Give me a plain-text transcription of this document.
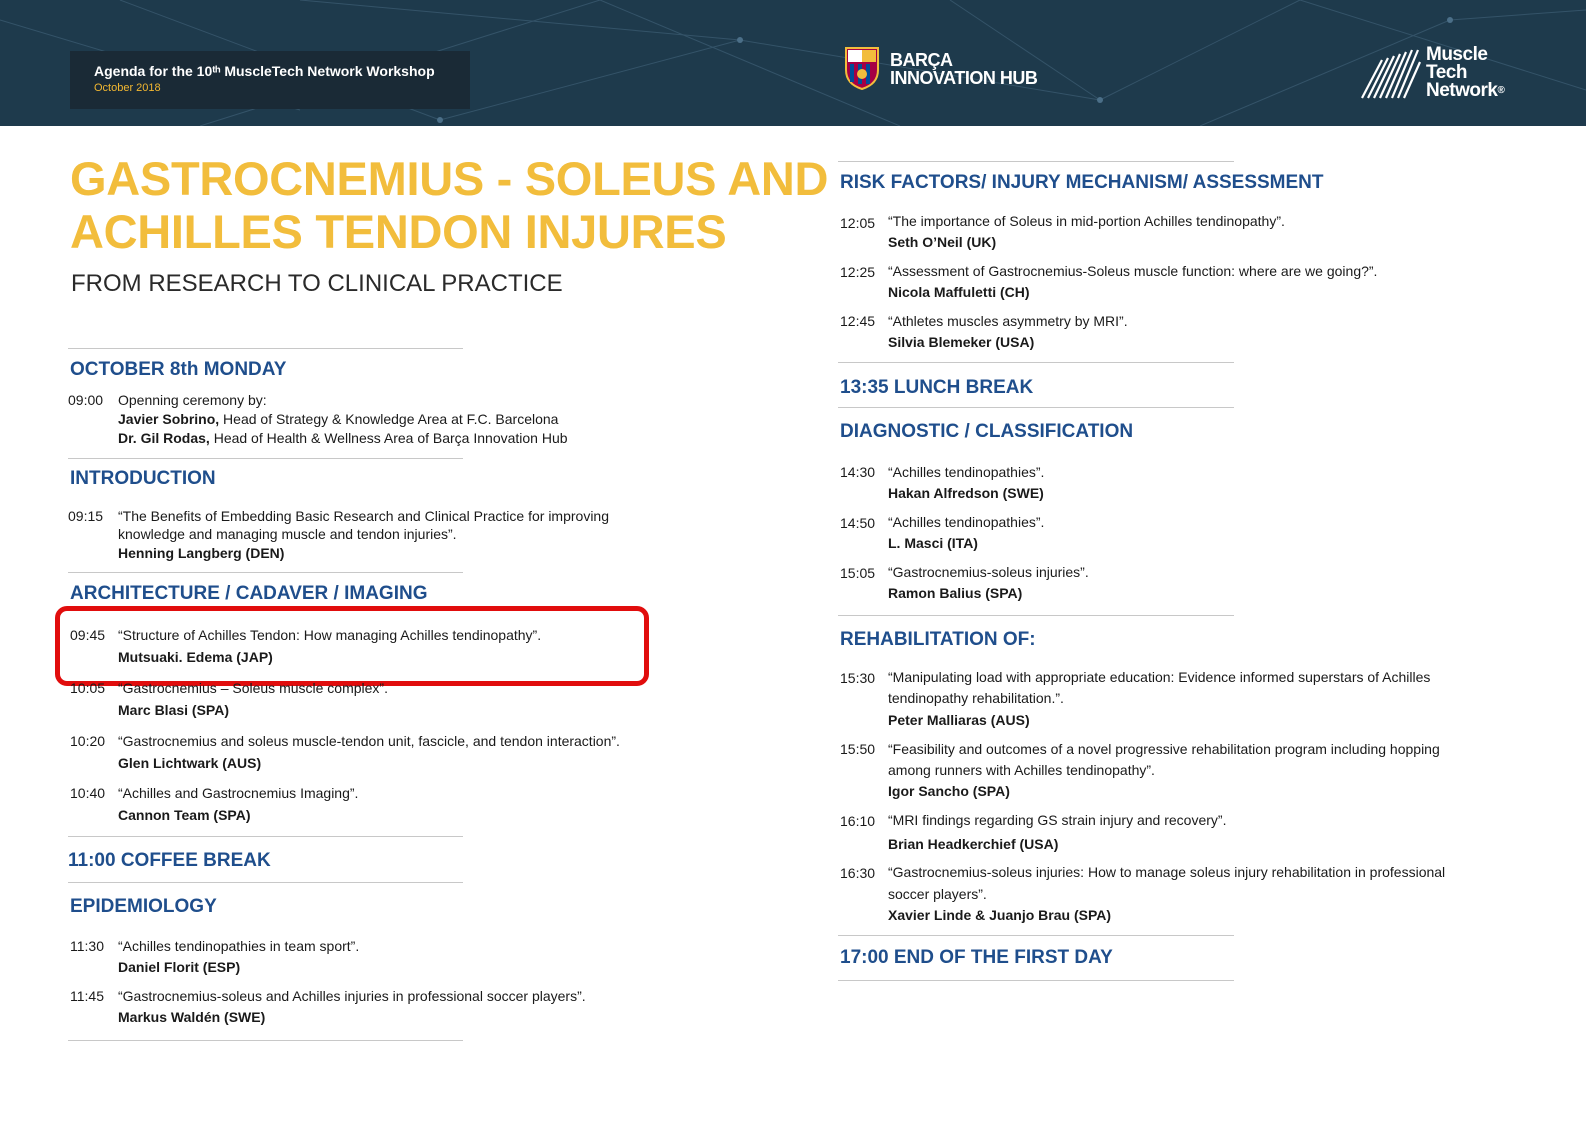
Agenda for the 10ᵗʰ MuscleTech Network Workshop
October 2018
BARÇA
INNOVATION HUB
Muscle
Tech
Network®
GASTROCNEMIUS - SOLEUS AND
ACHILLES TENDON INJURES
FROM RESEARCH TO CLINICAL PRACTICE
OCTOBER 8th MONDAY
09:00 Openning ceremony by:
Javier Sobrino, Head of Strategy & Knowledge Area at F.C. Barcelona
Dr. Gil Rodas, Head of Health & Wellness Area of Barça Innovation Hub
INTRODUCTION
09:15 “The Benefits of Embedding Basic Research and Clinical Practice for improving
knowledge and managing muscle and tendon injuries”.
Henning Langberg (DEN)
ARCHITECTURE / CADAVER / IMAGING
09:45 “Structure of Achilles Tendon: How managing Achilles tendinopathy”.
Mutsuaki. Edema (JAP)
10:05 “Gastrocnemius – Soleus muscle complex”.
Marc Blasi (SPA)
10:20 “Gastrocnemius and soleus muscle-tendon unit, fascicle, and tendon interaction”.
Glen Lichtwark (AUS)
10:40 “Achilles and Gastrocnemius Imaging”.
Cannon Team (SPA)
11:00 COFFEE BREAK
EPIDEMIOLOGY
11:30 “Achilles tendinopathies in team sport”.
Daniel Florit (ESP)
11:45 “Gastrocnemius-soleus and Achilles injuries in professional soccer players”.
Markus Waldén (SWE)
RISK FACTORS/ INJURY MECHANISM/ ASSESSMENT
12:05 “The importance of Soleus in mid-portion Achilles tendinopathy”.
Seth O’Neil (UK)
12:25 “Assessment of Gastrocnemius-Soleus muscle function: where are we going?”.
Nicola Maffuletti (CH)
12:45 “Athletes muscles asymmetry by MRI”.
Silvia Blemeker (USA)
13:35 LUNCH BREAK
DIAGNOSTIC / CLASSIFICATION
14:30 “Achilles tendinopathies”.
Hakan Alfredson (SWE)
14:50 “Achilles tendinopathies”.
L. Masci (ITA)
15:05 “Gastrocnemius-soleus injuries”.
Ramon Balius (SPA)
REHABILITATION OF:
15:30 “Manipulating load with appropriate education: Evidence informed superstars of Achilles
tendinopathy rehabilitation.”.
Peter Malliaras (AUS)
15:50 “Feasibility and outcomes of a novel progressive rehabilitation program including hopping
among runners with Achilles tendinopathy”.
Igor Sancho (SPA)
16:10 “MRI findings regarding GS strain injury and recovery”.
Brian Headkerchief (USA)
16:30 “Gastrocnemius-soleus injuries: How to manage soleus injury rehabilitation in professional
soccer players”.
Xavier Linde & Juanjo Brau (SPA)
17:00 END OF THE FIRST DAY
